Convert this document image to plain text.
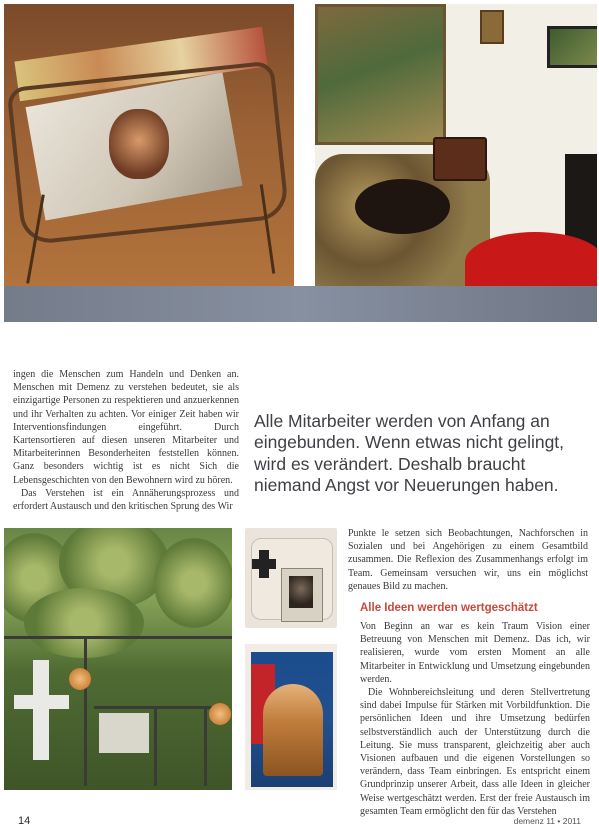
ingen die Menschen zum Handeln und Denken an. Menschen mit Demenz zu verstehen bedeutet, sie als einzigartige Personen zu respektieren und anzuerkennen und ihr Verhalten zu achten. Vor einiger Zeit haben wir Interventionsfindungen eingeführt. Durch Kartensortieren auf diesen unseren Mitarbeiter und Mitarbeiterinnen Besonderheiten feststellen können. Ganz besonders wichtig ist es nicht Sich die Lebensgeschichten von den Bewohnern wird zu hören.

Das Verstehen ist ein Annäherungsprozess und erfordert Austausch und den kritischen Sprung des Wir

Alle Mitarbeiter werden von Anfang an eingebunden. Wenn etwas nicht gelingt, wird es verändert. Deshalb braucht niemand Angst vor Neuerungen haben.

Punkte le setzen sich Beobachtungen, Nachforschen in Sozialen und bei Angehörigen zu einem Gesamtbild zusammen. Die Reflexion des Zusammenhangs erfolgt im Team. Gemeinsam versuchen wir, uns ein möglichst genaues Bild zu machen.
Alle Ideen werden wertgeschätzt

Von Beginn an war es kein Traum Vision einer Betreuung von Menschen mit Demenz. Das ich, wir realisieren, wurde vom ersten Moment an alle Mitarbeiter in Entwicklung und Umsetzung eingebunden werden.

Die Wohnbereichsleitung und deren Stellvertretung sind dabei Impulse für Stärken mit Vorbildfunktion. Die persönlichen Ideen und ihre Umsetzung bedürfen selbstverständlich auch der Unterstützung durch die Leitung. Sie muss transparent, gleichzeitig aber auch Visionen aufbauen und die eigenen Vorstellungen so verändern, dass Team einbringen. Es entspricht einem Grundprinzip unserer Arbeit, dass alle Ideen in gleicher Weise wertgeschätzt werden. Erst der freie Austausch im gesamten Team ermöglicht den für das Verstehen

14	demenz 11 • 2011
